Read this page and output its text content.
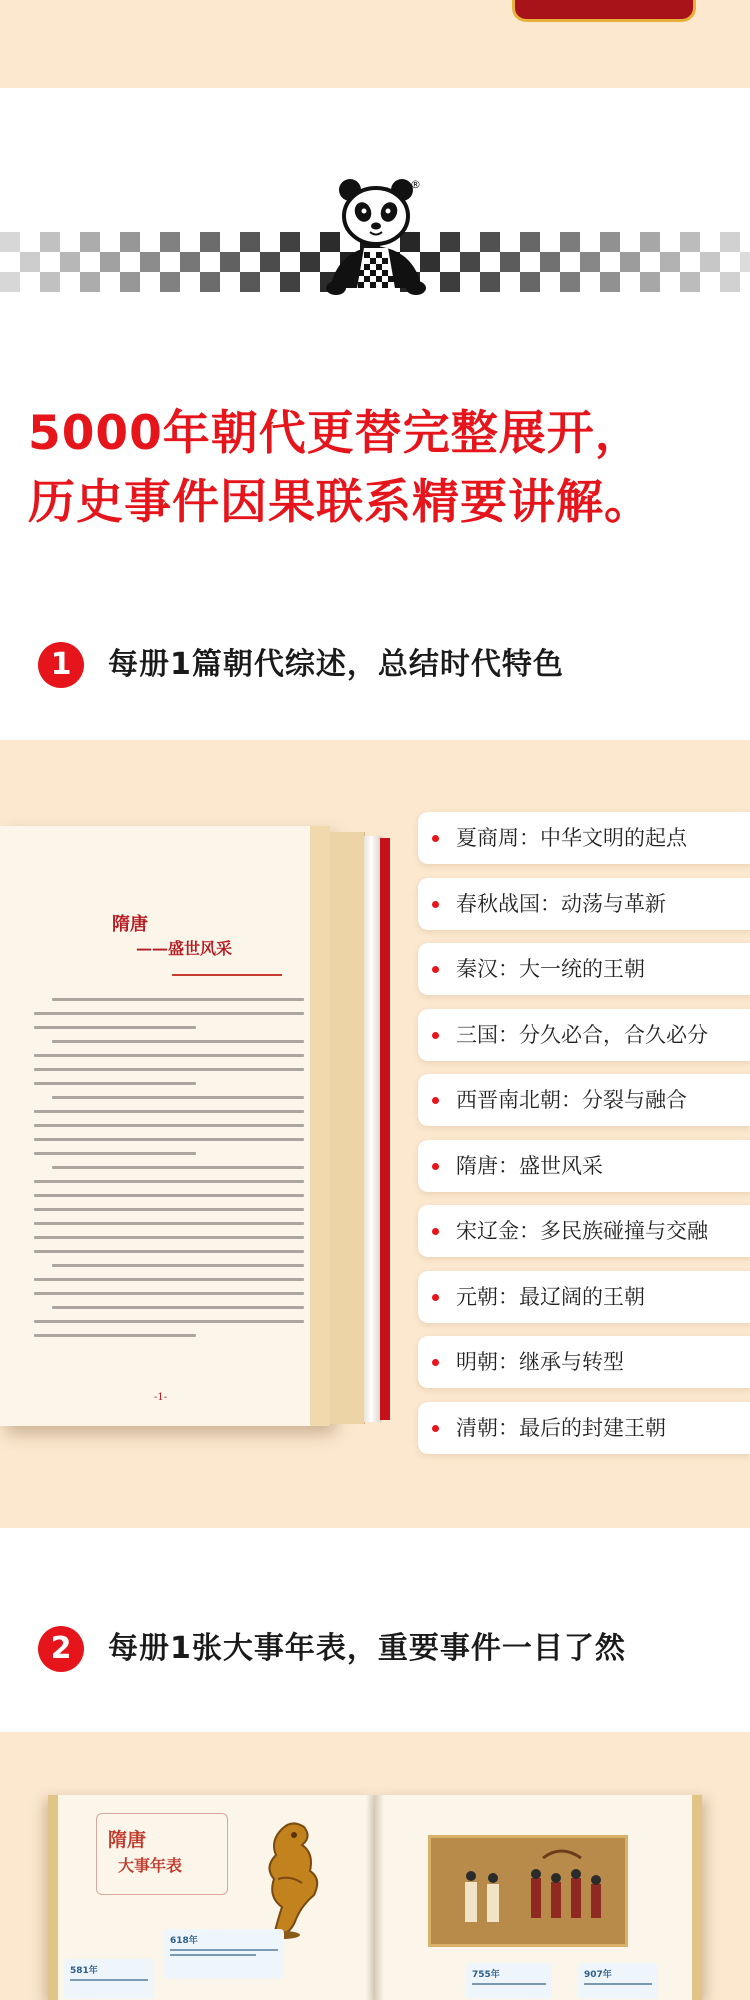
®
5000年朝代更替完整展开，
历史事件因果联系精要讲解。
1	每册1篇朝代综述，总结时代特色
隋唐
——盛世风采
-1-
夏商周：中华文明的起点
春秋战国：动荡与革新
秦汉：大一统的王朝
三国：分久必合，合久必分
西晋南北朝：分裂与融合
隋唐：盛世风采
宋辽金：多民族碰撞与交融
元朝：最辽阔的王朝
明朝：继承与转型
清朝：最后的封建王朝
2	每册1张大事年表，重要事件一目了然
隋唐
大事年表
618年
581年	755年	907年
